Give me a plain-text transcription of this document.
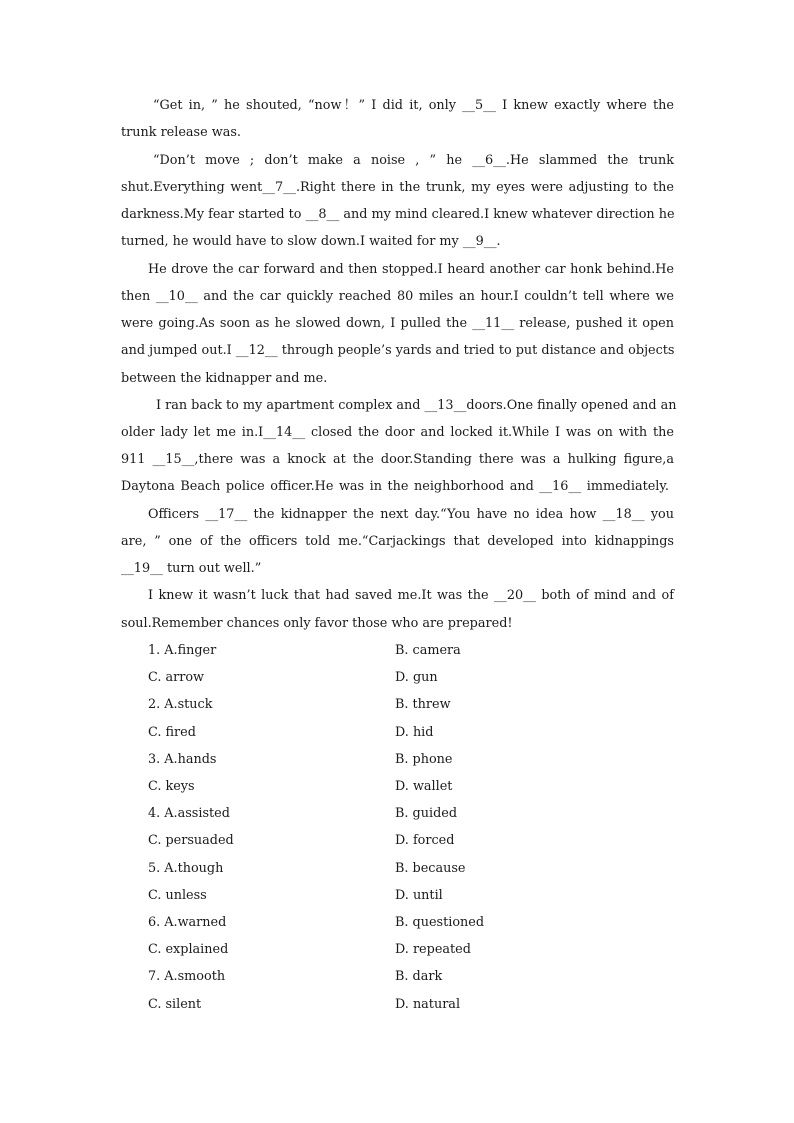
“Get in, ” he shouted, “now！” I did it, only __5__ I knew exactly where the
trunk release was.
“Don’t move ; don’t make a noise , ” he __6__.He slammed the trunk
shut.Everything went__7__.Right there in the trunk, my eyes were adjusting to the
darkness.My fear started to __8__ and my mind cleared.I knew whatever direction he
turned, he would have to slow down.I waited for my __9__.
He drove the car forward and then stopped.I heard another car honk behind.He
then __10__ and the car quickly reached 80 miles an hour.I couldn’t tell where we
were going.As soon as he slowed down, I pulled the __11__ release, pushed it open
and jumped out.I __12__ through people’s yards and tried to put distance and objects
between the kidnapper and me.
I ran back to my apartment complex and __13__doors.One finally opened and an
older lady let me in.I__14__ closed the door and locked it.While I was on with the
911 __15__,there was a knock at the door.Standing there was a hulking figure,a
Daytona Beach police officer.He was in the neighborhood and __16__ immediately.
Officers __17__ the kidnapper the next day.“You have no idea how __18__ you
are, ” one of the officers told me.“Carjackings that developed into kidnappings
__19__ turn out well.”
I knew it wasn’t luck that had saved me.It was the __20__ both of mind and of
soul.Remember chances only favor those who are prepared!
1. A.finger	B. camera
C. arrow	D. gun
2. A.stuck	B. threw
C. fired	D. hid
3. A.hands	B. phone
C. keys	D. wallet
4. A.assisted	B. guided
C. persuaded	D. forced
5. A.though	B. because
C. unless	D. until
6. A.warned	B. questioned
C. explained	D. repeated
7. A.smooth	B. dark
C. silent	D. natural
